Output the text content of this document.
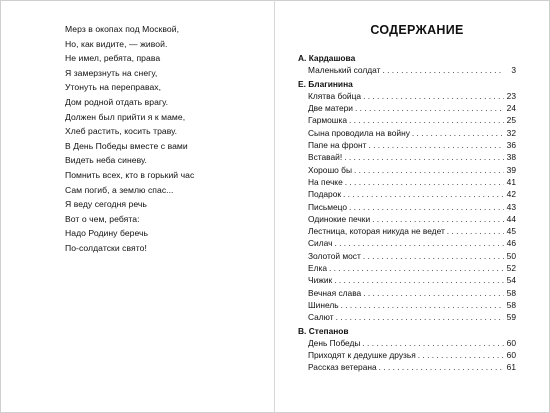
Мерз в окопах под Москвой,
Но, как видите, — живой.
Не имел, ребята, права
Я замерзнуть на снегу,
Утонуть на переправах,
Дом родной отдать врагу.
Должен был прийти я к маме,
Хлеб растить, косить траву.
В День Победы вместе с вами
Видеть неба синеву.
Помнить всех, кто в горький час
Сам погиб, а землю спас...
Я веду сегодня речь
Вот о чем, ребята:
Надо Родину беречь
По-солдатски свято!
СОДЕРЖАНИЕ
А. Кардашова
Маленький солдат . . .	3
Е. Благинина
Клятва бойца . . .	23
Две матери . . .	24
Гармошка . . .	25
Сына проводила на войну . . .	32
Папе на фронт . . .	36
Вставай! . . .	38
Хорошо бы . . .	39
На печке . . .	41
Подарок . . .	42
Письмецо . . .	43
Одинокие печки . . .	44
Лестница, которая никуда не ведет . . .	45
Силач . . .	46
Золотой мост . . .	50
Елка . . .	52
Чижик . . .	54
Вечная слава . . .	58
Шинель . . .	58
Салют . . .	59
В. Степанов
День Победы . . .	60
Приходят к дедушке друзья . . .	60
Рассказ ветерана . . .	61
